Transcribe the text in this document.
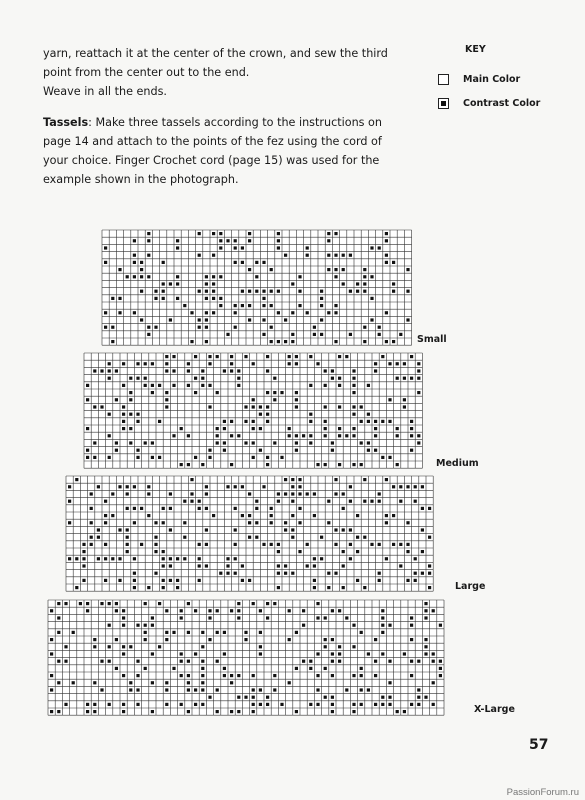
yarn, reattach it at the center of the crown, and sew the third point from the center out to the end.
Weave in all the ends.

Tassels: Make three tassels according to the instructions on page 14 and attach to the points of the fez using the cord of your choice. Finger Crochet cord (page 15) was used for the example shown in the photograph.

KEY
Main Color
Contrast Color
Small
Medium
Large
X-Large
57
PassionForum.ru
